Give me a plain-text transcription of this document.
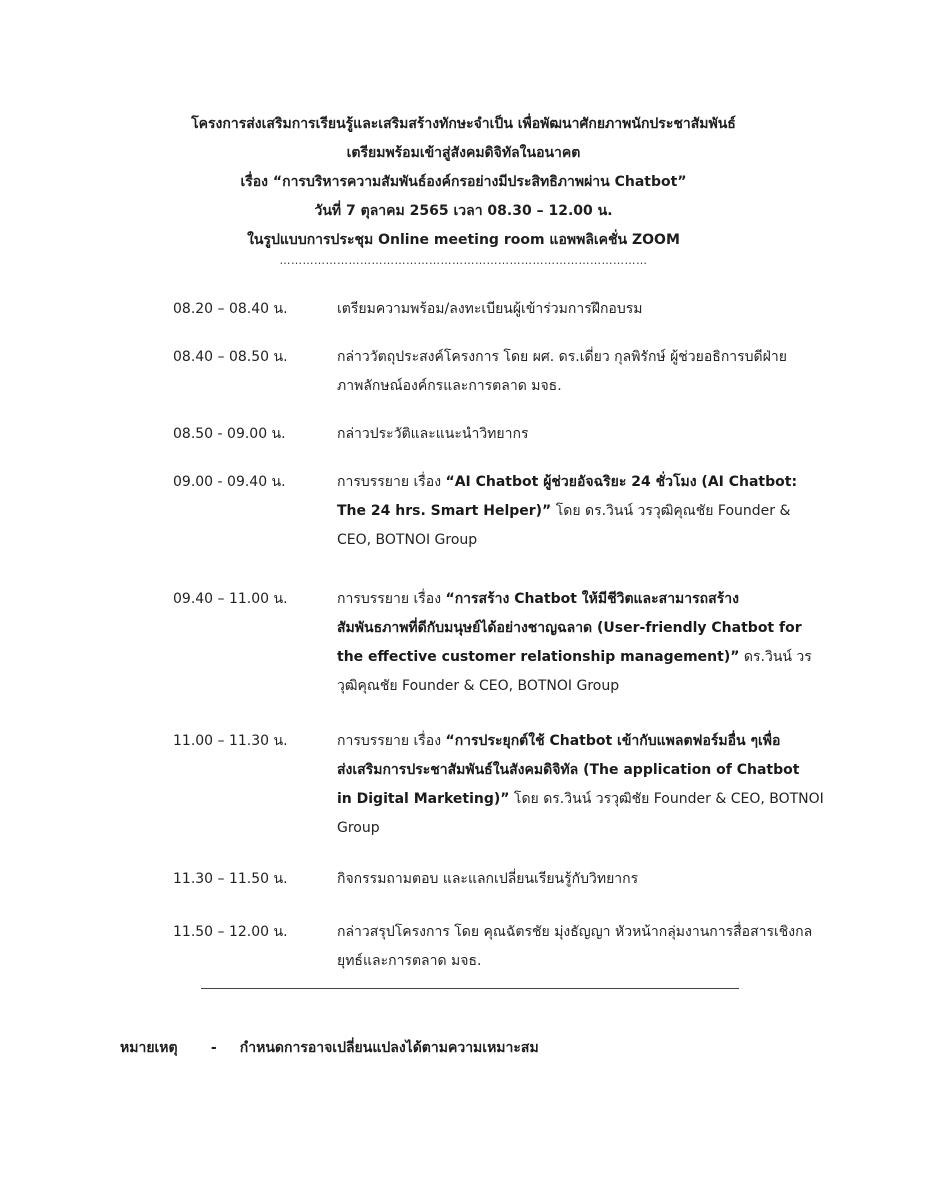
โครงการส่งเสริมการเรียนรู้และเสริมสร้างทักษะจำเป็น เพื่อพัฒนาศักยภาพนักประชาสัมพันธ์
เตรียมพร้อมเข้าสู่สังคมดิจิทัลในอนาคต
เรื่อง “การบริหารความสัมพันธ์องค์กรอย่างมีประสิทธิภาพผ่าน Chatbot”
วันที่ 7 ตุลาคม 2565 เวลา 08.30 – 12.00 น.
ในรูปแบบการประชุม Online meeting room แอพพลิเคชั่น ZOOM
……………………………………………………………………………………
08.20 – 08.40 น.	เตรียมความพร้อม/ลงทะเบียนผู้เข้าร่วมการฝึกอบรม
08.40 – 08.50 น.	กล่าววัตถุประสงค์โครงการ โดย ผศ. ดร.เดี่ยว กุลพิรักษ์ ผู้ช่วยอธิการบดีฝ่าย
ภาพลักษณ์องค์กรและการตลาด มจธ.
08.50 - 09.00 น.	กล่าวประวัติและแนะนำวิทยากร
09.00 - 09.40 น.	การบรรยาย เรื่อง “AI Chatbot ผู้ช่วยอัจฉริยะ 24 ชั่วโมง (AI Chatbot:
The 24 hrs. Smart Helper)” โดย ดร.วินน์ วรวุฒิคุณชัย Founder &
CEO, BOTNOI Group
09.40 – 11.00 น.	การบรรยาย เรื่อง “การสร้าง Chatbot ให้มีชีวิตและสามารถสร้าง
สัมพันธภาพที่ดีกับมนุษย์ได้อย่างชาญฉลาด (User-friendly Chatbot for
the effective customer relationship management)” ดร.วินน์ วร
วุฒิคุณชัย Founder & CEO, BOTNOI Group
11.00 – 11.30 น.	การบรรยาย เรื่อง “การประยุกต์ใช้ Chatbot เข้ากับแพลตฟอร์มอื่น ๆเพื่อ
ส่งเสริมการประชาสัมพันธ์ในสังคมดิจิทัล (The application of Chatbot
in Digital Marketing)” โดย ดร.วินน์ วรวุฒิชัย Founder & CEO, BOTNOI
Group
11.30 – 11.50 น.	กิจกรรมถามตอบ และแลกเปลี่ยนเรียนรู้กับวิทยากร
11.50 – 12.00 น.	กล่าวสรุปโครงการ โดย คุณฉัตรชัย มุ่งธัญญา หัวหน้ากลุ่มงานการสื่อสารเชิงกล
ยุทธ์และการตลาด มจธ.
หมายเหตุ - กำหนดการอาจเปลี่ยนแปลงได้ตามความเหมาะสม
